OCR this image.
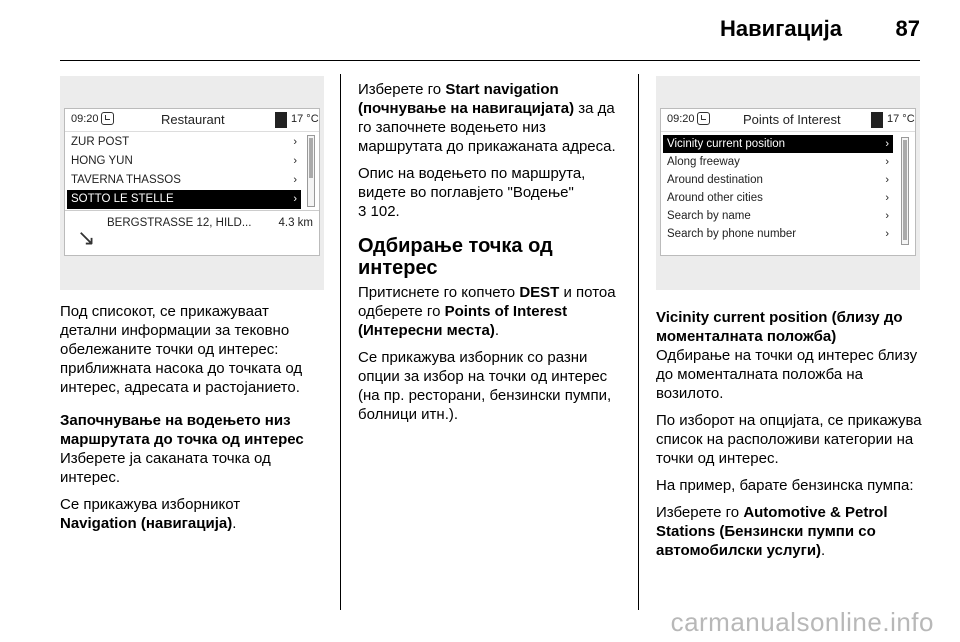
Навигација 87
09:20	Restaurant	17 °C
ZUR POST	›
HONG YUN	›
TAVERNA THASSOS	›
SOTTO LE STELLE	›
↘
BERGSTRASSE 12, HILD... 4.3 km

Под списокот, се прикажуваат детални информации за тековно обележаните точки од интерес: приближната насока до точката од интерес, адресата и растојанието.

Започнување на водењето низ маршрутата до точка од интерес

Изберете ја саканата точка од интерес.

Се прикажува изборникот
Navigation (навигација).

Изберете го Start navigation (почнување на навигацијата) за да го започнете водењето низ маршрутата до прикажаната адреса.

Опис на водењето по маршрута, видете во поглавјето "Водење"
3 102.

Одбирање точка од интерес

Притиснете го копчето DEST и потоа одберете го Points of Interest (Интересни места).

Се прикажува изборник со разни опции за избор на точки од интерес (на пр. ресторани, бензински пумпи, болници итн.).

09:20	Points of Interest	17 °C
Vicinity current position	›
Along freeway	›
Around destination	›
Around other cities	›
Search by name	›
Search by phone number	›

Vicinity current position (близу до моменталната положба)

Одбирање на точки од интерес близу до моменталната положба на возилото.

По изборот на опцијата, се прикажува список на расположиви категории на точки од интерес.

На пример, барате бензинска пумпа:

Изберете го Automotive & Petrol Stations (Бензински пумпи со автомобилски услуги).

carmanualsonline.info
